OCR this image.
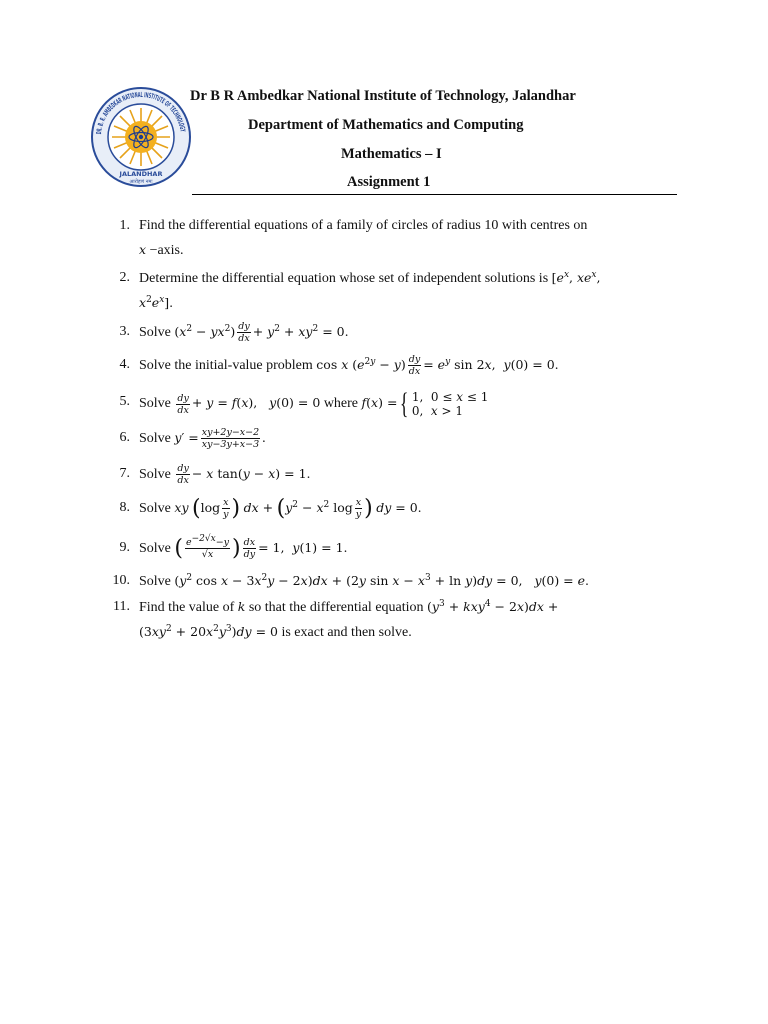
JALANDHAR
आरोहणं नमः
Dr B R Ambedkar National Institute of Technology, Jalandhar
Department of Mathematics and Computing
Mathematics – I
Assignment 1
1. Find the differential equations of a family of circles of radius 10 with centres on
x −axis.
2. Determine the differential equation whose set of independent solutions is [$e^x$, $xe^x$,
$x^2e^x$].
3. Solve $(x^2 - yx^2) \frac{dy}{dx} + y^2 + xy^2 = 0$.
4. Solve the initial-value problem cos x $(e^{2y} - y) \frac{dy}{dx} = e^y$ sin 2x,  y(0) = 0.
5. Solve $\frac{dy}{dx} + y = f(x)$,   y(0) = 0 where f(x) ={ 1,  0 ≤ x ≤ 1
0,  x > 1
6. Solve $y' = \frac{xy+2y-x-2}{xy-3y+x-3}$ .
7. Solve $\frac{dy}{dx} - x$ tan(y − x) = 1.
8. Solve xy ($\log \frac{x}{y}$ ) dx + ($y^2 - x^2$ $\log \frac{x}{y}$ ) dy = 0.
9. Solve ( $\frac{e^{-2√x}-y}{√x}$ ) $\frac{dx}{dy} = 1$,  y(1) = 1.
10. Solve ($y^2$ $\cos x - 3x^2y - 2x)dx + (2y$ $\sin x - x^3 + \ln y)dy = 0$,   y(0) = e.
11. Find the value of k so that the differential equation $(y^3 + kxy^4 - 2x)dx$ +
$(3xy^2 + 20x^2y^3)dy = 0$ is exact and then solve.
